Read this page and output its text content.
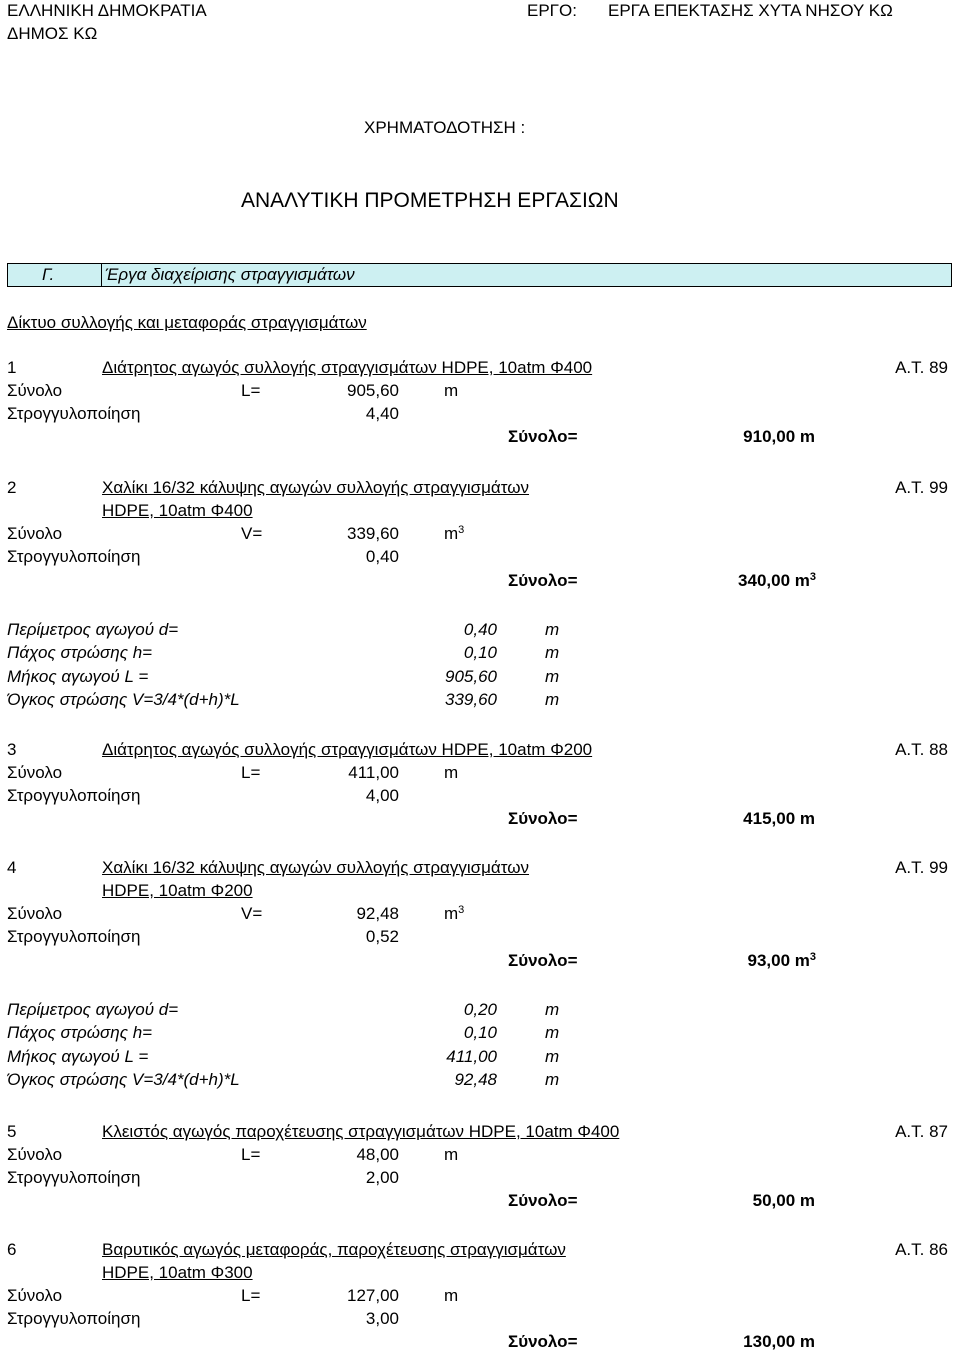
ΕΛΛΗΝΙΚΗ ΔΗΜΟΚΡΑΤΙΑ
ΔΗΜΟΣ ΚΩ
ΕΡΓΟ: ΕΡΓΑ ΕΠΕΚΤΑΣΗΣ ΧΥΤΑ ΝΗΣΟΥ ΚΩ
ΧΡΗΜΑΤΟΔΟΤΗΣΗ :
ΑΝΑΛΥΤΙΚΗ ΠΡΟΜΕΤΡΗΣΗ ΕΡΓΑΣΙΩΝ
Γ.	Έργα διαχείρισης στραγγισμάτων
Δίκτυο συλλογής και μεταφοράς στραγγισμάτων
1	Διάτρητος αγωγός συλλογής στραγγισμάτων HDPE, 10atm Φ400	Α.Τ. 89
Σύνολο	L=	905,60	m
Στρογγυλοποίηση	4,40
Σύνολο=	910,00 m
2	Χαλίκι 16/32 κάλυψης αγωγών συλλογής στραγγισμάτων	Α.Τ. 99
HDPE, 10atm Φ400
Σύνολο	V=	339,60	$m^3$
Στρογγυλοποίηση	0,40
Σύνολο=	340,00 $m^3$
Περίμετρος αγωγού d=	0,40	m
Πάχος στρώσης h=	0,10	m
Μήκος αγωγού L =	905,60	m
Όγκος στρώσης V=3/4*(d+h)*L	339,60	m
3	Διάτρητος αγωγός συλλογής στραγγισμάτων HDPE, 10atm Φ200	Α.Τ. 88
Σύνολο	L=	411,00	m
Στρογγυλοποίηση	4,00
Σύνολο=	415,00 m
4	Χαλίκι 16/32 κάλυψης αγωγών συλλογής στραγγισμάτων	Α.Τ. 99
HDPE, 10atm Φ200
Σύνολο	V=	92,48	$m^3$
Στρογγυλοποίηση	0,52
Σύνολο=	93,00 $m^3$
Περίμετρος αγωγού d=	0,20	m
Πάχος στρώσης h=	0,10	m
Μήκος αγωγού L =	411,00	m
Όγκος στρώσης V=3/4*(d+h)*L	92,48	m
5	Κλειστός αγωγός παροχέτευσης στραγγισμάτων HDPE, 10atm Φ400	Α.Τ. 87
Σύνολο	L=	48,00	m
Στρογγυλοποίηση	2,00
Σύνολο=	50,00 m
6	Βαρυτικός αγωγός μεταφοράς, παροχέτευσης στραγγισμάτων	Α.Τ. 86
HDPE, 10atm Φ300
Σύνολο	L=	127,00	m
Στρογγυλοποίηση	3,00
Σύνολο=	130,00 m
